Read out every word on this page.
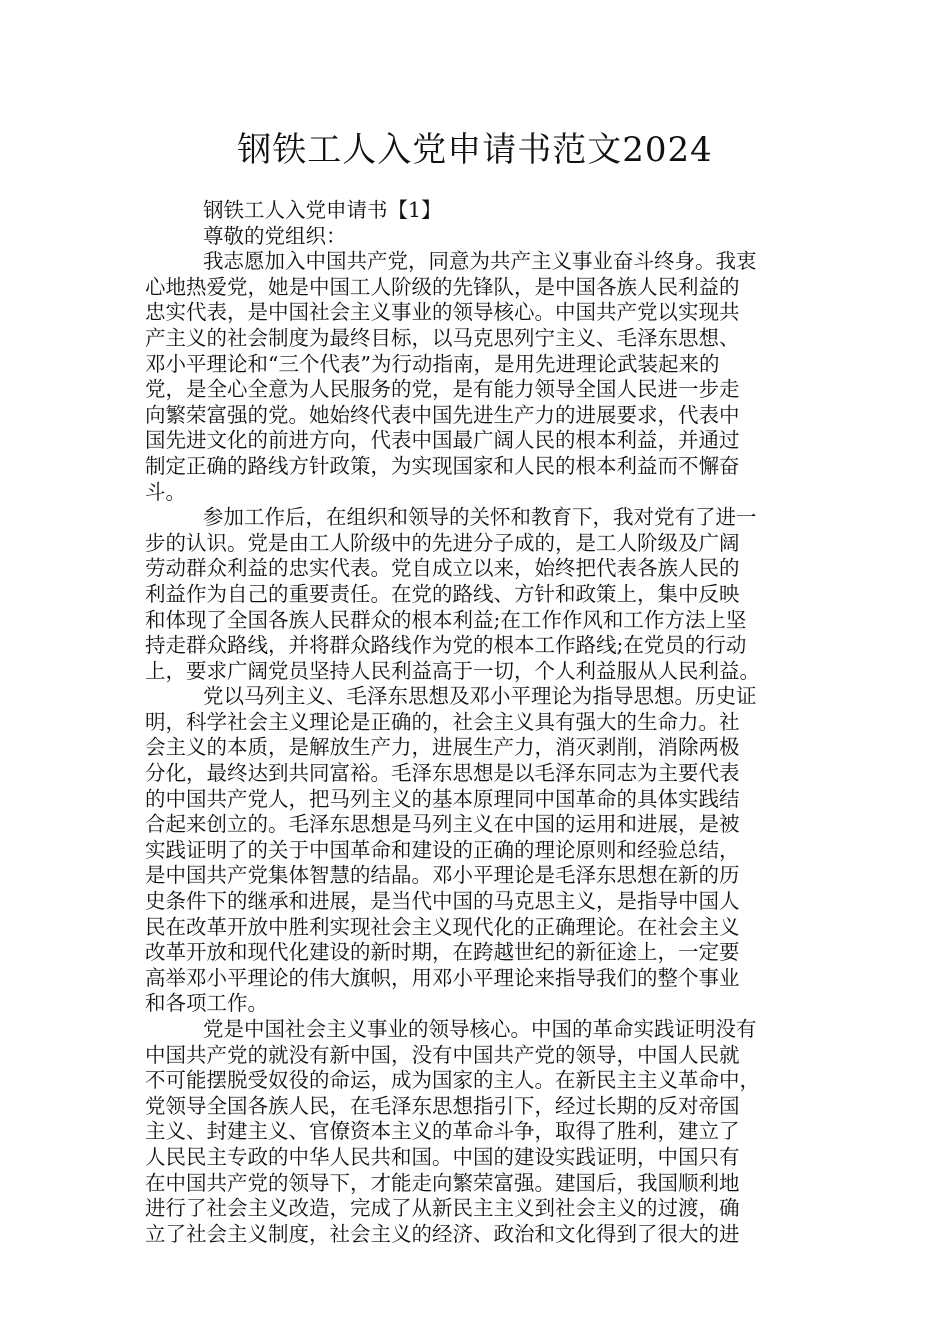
钢铁工人入党申请书范文2024
钢铁工人入党申请书【1】
尊敬的党组织：
我志愿加入中国共产党，同意为共产主义事业奋斗终身。我衷
心地热爱党，她是中国工人阶级的先锋队，是中国各族人民利益的
忠实代表，是中国社会主义事业的领导核心。中国共产党以实现共
产主义的社会制度为最终目标，以马克思列宁主义、毛泽东思想、
邓小平理论和“三个代表”为行动指南，是用先进理论武装起来的
党，是全心全意为人民服务的党，是有能力领导全国人民进一步走
向繁荣富强的党。她始终代表中国先进生产力的进展要求，代表中
国先进文化的前进方向，代表中国最广阔人民的根本利益，并通过
制定正确的路线方针政策，为实现国家和人民的根本利益而不懈奋
斗。
参加工作后，在组织和领导的关怀和教育下，我对党有了进一
步的认识。党是由工人阶级中的先进分子成的，是工人阶级及广阔
劳动群众利益的忠实代表。党自成立以来，始终把代表各族人民的
利益作为自己的重要责任。在党的路线、方针和政策上，集中反映
和体现了全国各族人民群众的根本利益;在工作作风和工作方法上坚
持走群众路线，并将群众路线作为党的根本工作路线;在党员的行动
上，要求广阔党员坚持人民利益高于一切，个人利益服从人民利益。
党以马列主义、毛泽东思想及邓小平理论为指导思想。历史证
明，科学社会主义理论是正确的，社会主义具有强大的生命力。社
会主义的本质，是解放生产力，进展生产力，消灭剥削，消除两极
分化，最终达到共同富裕。毛泽东思想是以毛泽东同志为主要代表
的中国共产党人，把马列主义的基本原理同中国革命的具体实践结
合起来创立的。毛泽东思想是马列主义在中国的运用和进展，是被
实践证明了的关于中国革命和建设的正确的理论原则和经验总结，
是中国共产党集体智慧的结晶。邓小平理论是毛泽东思想在新的历
史条件下的继承和进展，是当代中国的马克思主义，是指导中国人
民在改革开放中胜利实现社会主义现代化的正确理论。在社会主义
改革开放和现代化建设的新时期，在跨越世纪的新征途上，一定要
高举邓小平理论的伟大旗帜，用邓小平理论来指导我们的整个事业
和各项工作。
党是中国社会主义事业的领导核心。中国的革命实践证明没有
中国共产党的就没有新中国，没有中国共产党的领导，中国人民就
不可能摆脱受奴役的命运，成为国家的主人。在新民主主义革命中，
党领导全国各族人民，在毛泽东思想指引下，经过长期的反对帝国
主义、封建主义、官僚资本主义的革命斗争，取得了胜利，建立了
人民民主专政的中华人民共和国。中国的建设实践证明，中国只有
在中国共产党的领导下，才能走向繁荣富强。建国后，我国顺利地
进行了社会主义改造，完成了从新民主主义到社会主义的过渡，确
立了社会主义制度，社会主义的经济、政治和文化得到了很大的进
